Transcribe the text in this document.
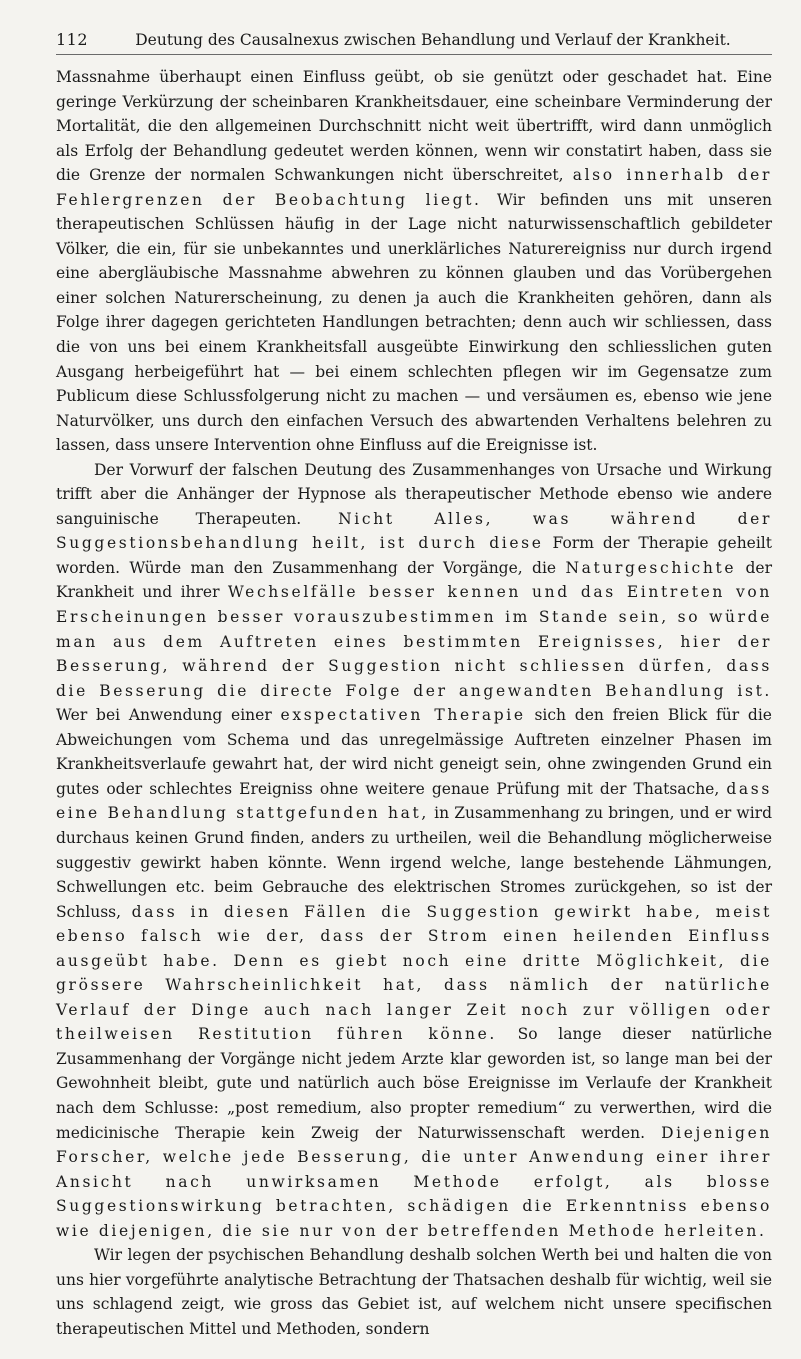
112	Deutung des Causalnexus zwischen Behandlung und Verlauf der Krankheit.

Massnahme überhaupt einen Einfluss geübt, ob sie genützt oder geschadet hat. Eine geringe Verkürzung der scheinbaren Krankheitsdauer, eine scheinbare Verminderung der Mortalität, die den allgemeinen Durchschnitt nicht weit übertrifft, wird dann unmöglich als Erfolg der Behandlung gedeutet werden können, wenn wir constatirt haben, dass sie die Grenze der normalen Schwankungen nicht überschreitet, also innerhalb der Fehlergrenzen der Beobachtung liegt. Wir befinden uns mit unseren therapeutischen Schlüssen häufig in der Lage nicht naturwissenschaftlich gebildeter Völker, die ein, für sie unbekanntes und unerklärliches Naturereigniss nur durch irgend eine abergläubische Massnahme abwehren zu können glauben und das Vorübergehen einer solchen Naturerscheinung, zu denen ja auch die Krankheiten gehören, dann als Folge ihrer dagegen gerichteten Handlungen betrachten; denn auch wir schliessen, dass die von uns bei einem Krankheitsfall ausgeübte Einwirkung den schliesslichen guten Ausgang herbeigeführt hat — bei einem schlechten pflegen wir im Gegensatze zum Publicum diese Schlussfolgerung nicht zu machen — und versäumen es, ebenso wie jene Naturvölker, uns durch den einfachen Versuch des abwartenden Verhaltens belehren zu lassen, dass unsere Intervention ohne Einfluss auf die Ereignisse ist.

Der Vorwurf der falschen Deutung des Zusammenhanges von Ursache und Wirkung trifft aber die Anhänger der Hypnose als therapeutischer Methode ebenso wie andere sanguinische Therapeuten. Nicht Alles, was während der Suggestionsbehandlung heilt, ist durch diese Form der Therapie geheilt worden. Würde man den Zusammenhang der Vorgänge, die Naturgeschichte der Krankheit und ihrer Wechselfälle besser kennen und das Eintreten von Erscheinungen besser vorauszubestimmen im Stande sein, so würde man aus dem Auftreten eines bestimmten Ereignisses, hier der Besserung, während der Suggestion nicht schliessen dürfen, dass die Besserung die directe Folge der angewandten Behandlung ist. Wer bei Anwendung einer exspectativen Therapie sich den freien Blick für die Abweichungen vom Schema und das unregelmässige Auftreten einzelner Phasen im Krankheitsverlaufe gewahrt hat, der wird nicht geneigt sein, ohne zwingenden Grund ein gutes oder schlechtes Ereigniss ohne weitere genaue Prüfung mit der Thatsache, dass eine Behandlung stattgefunden hat, in Zusammenhang zu bringen, und er wird durchaus keinen Grund finden, anders zu urtheilen, weil die Behandlung möglicherweise suggestiv gewirkt haben könnte. Wenn irgend welche, lange bestehende Lähmungen, Schwellungen etc. beim Gebrauche des elektrischen Stromes zurückgehen, so ist der Schluss, dass in diesen Fällen die Suggestion gewirkt habe, meist ebenso falsch wie der, dass der Strom einen heilenden Einfluss ausgeübt habe. Denn es giebt noch eine dritte Möglichkeit, die grössere Wahrscheinlichkeit hat, dass nämlich der natürliche Verlauf der Dinge auch nach langer Zeit noch zur völligen oder theilweisen Restitution führen könne. So lange dieser natürliche Zusammenhang der Vorgänge nicht jedem Arzte klar geworden ist, so lange man bei der Gewohnheit bleibt, gute und natürlich auch böse Ereignisse im Verlaufe der Krankheit nach dem Schlusse: „post remedium, also propter remedium“ zu verwerthen, wird die medicinische Therapie kein Zweig der Naturwissenschaft werden. Diejenigen Forscher, welche jede Besserung, die unter Anwendung einer ihrer Ansicht nach unwirksamen Methode erfolgt, als blosse Suggestionswirkung betrachten, schädigen die Erkenntniss ebenso wie diejenigen, die sie nur von der betreffenden Methode herleiten.

Wir legen der psychischen Behandlung deshalb solchen Werth bei und halten die von uns hier vorgeführte analytische Betrachtung der Thatsachen deshalb für wichtig, weil sie uns schlagend zeigt, wie gross das Gebiet ist, auf welchem nicht unsere specifischen therapeutischen Mittel und Methoden, sondern
